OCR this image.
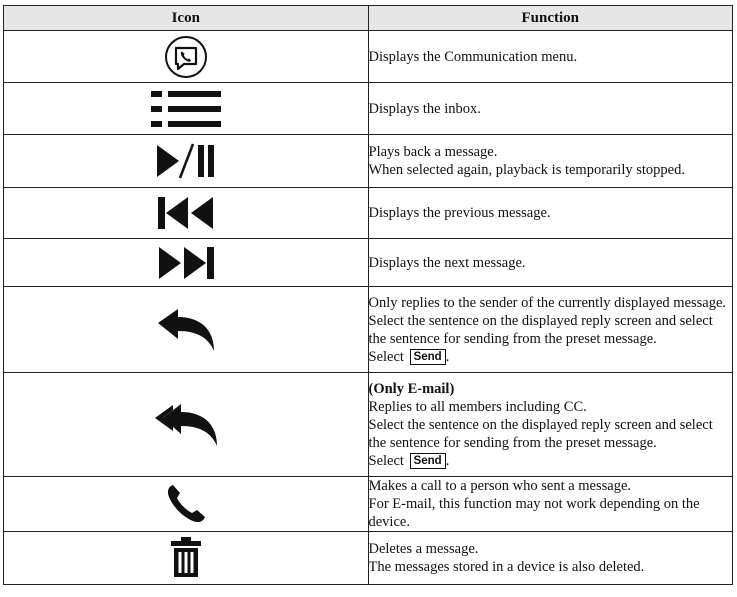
Icon	Function

Displays the Communication menu.

Displays the inbox.

Plays back a message.
When selected again, playback is temporarily stopped.

Displays the previous message.

Displays the next message.

Only replies to the sender of the currently displayed message.
Select the sentence on the displayed reply screen and select the sentence for sending from the preset message.
Select Send .

(Only E-mail)
Replies to all members including CC.
Select the sentence on the displayed reply screen and select the sentence for sending from the preset message.
Select Send .

Makes a call to a person who sent a message.
For E-mail, this function may not work depending on the device.

Deletes a message.
The messages stored in a device is also deleted.
